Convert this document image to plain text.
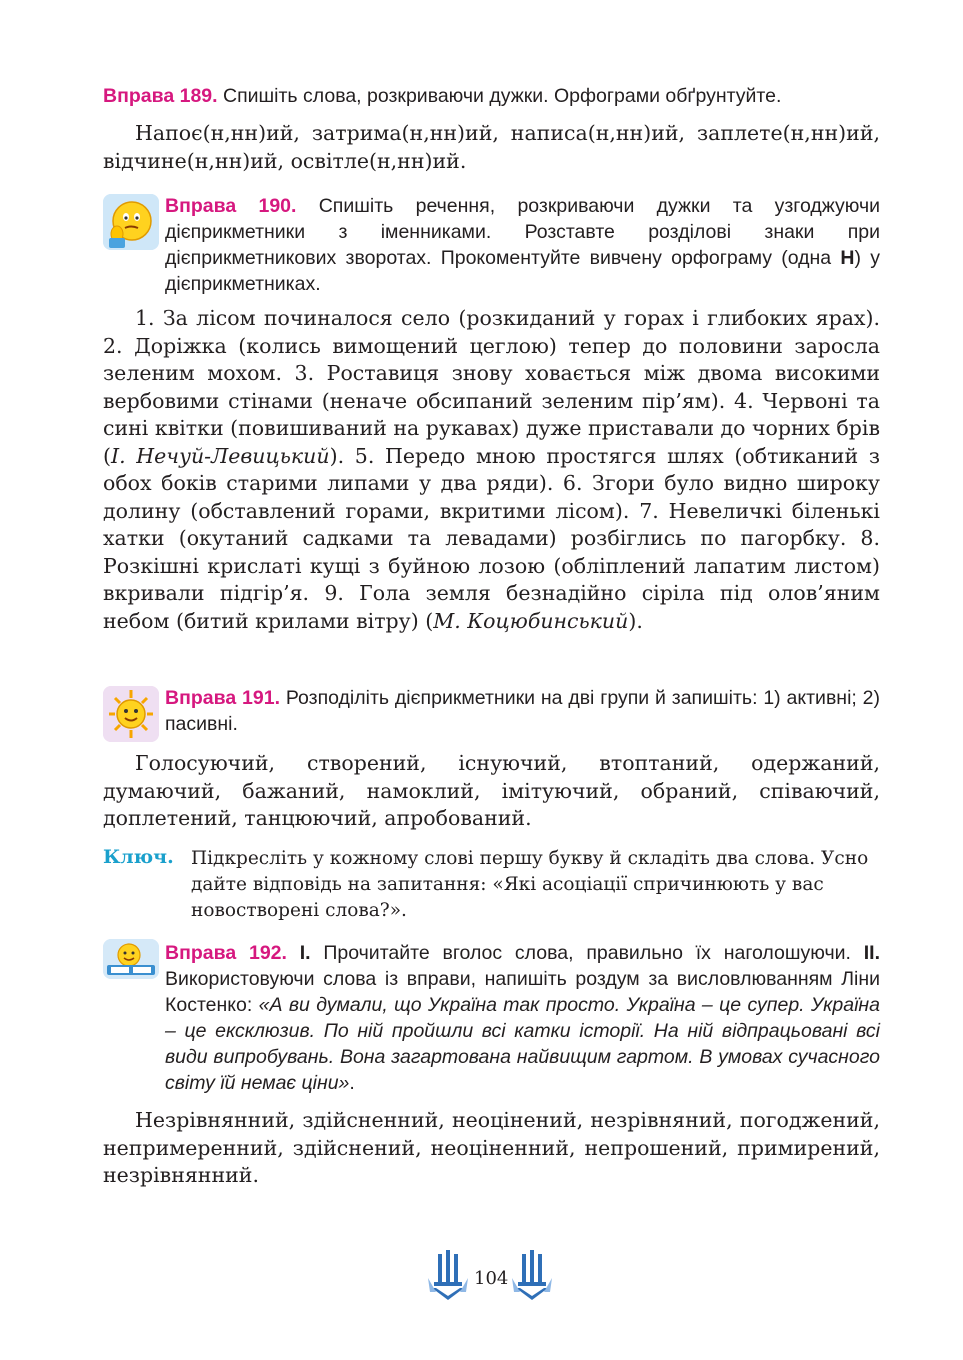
Вправа 189. Спишіть слова, розкриваючи дужки. Орфограми обґрунтуйте.

Напоє(н,нн)ий, затрима(н,нн)ий, написа(н,нн)ий, заплете(н,нн)ий, відчине(н,нн)ий, освітле(н,нн)ий.

Вправа 190. Спишіть речення, розкриваючи дужки та узгоджуючи дієприкметники з іменниками. Розставте розділові знаки при дієприкметникових зворотах. Прокоментуйте вивчену орфограму (одна Н) у дієприкметниках.

1. За лісом починалося село (розкиданий у горах і глибоких ярах). 2. Доріжка (колись вимощений цеглою) тепер до половини заросла зеленим мохом. 3. Роставиця знову ховається між двома високими вербовими стінами (неначе обсипаний зеленим пір’ям). 4. Червоні та сині квітки (повишиваний на рукавах) дуже приставали до чорних брів (І. Нечуй-Левицький). 5. Передо мною простягся шлях (обтиканий з обох боків старими липами у два ряди). 6. Згори було видно широку долину (обставлений горами, вкритими лісом). 7. Невеличкі біленькі хатки (окутаний садками та левадами) розбіглись по пагорбку. 8. Розкішні крислаті кущі з буйною лозою (обліплений лапатим листом) вкривали підгір’я. 9. Гола земля безнадійно сіріла під олов’яним небом (битий крилами вітру) (М. Коцюбинський).

Вправа 191. Розподіліть дієприкметники на дві групи й запишіть: 1) активні; 2) пасивні.

Голосуючий, створений, існуючий, втоптаний, одержаний, думаючий, бажаний, намоклий, імітуючий, обраний, співаючий, доплетений, танцюючий, апробований.

Ключ. Підкресліть у кожному слові першу букву й складіть два слова. Усно дайте відповідь на запитання: «Які асоціації спричинюють у вас новостворені слова?».
Вправа 192. І. Прочитайте вголос слова, правильно їх наголошуючи. ІІ. Використовуючи слова із вправи, напишіть роздум за висловлюванням Ліни Костенко: «А ви думали, що Україна так просто. Україна – це супер. Україна – це ексклюзив. По ній пройшли всі катки історії. На ній відпрацьовані всі види випробувань. Вона загартована найвищим гартом. В умовах сучасного світу їй немає ціни».

Незрівнянний, здійсненний, неоцінений, незрівняний, погоджений, непримеренний, здійснений, неоціненний, непрошений, примирений, незрівнянний.

104
